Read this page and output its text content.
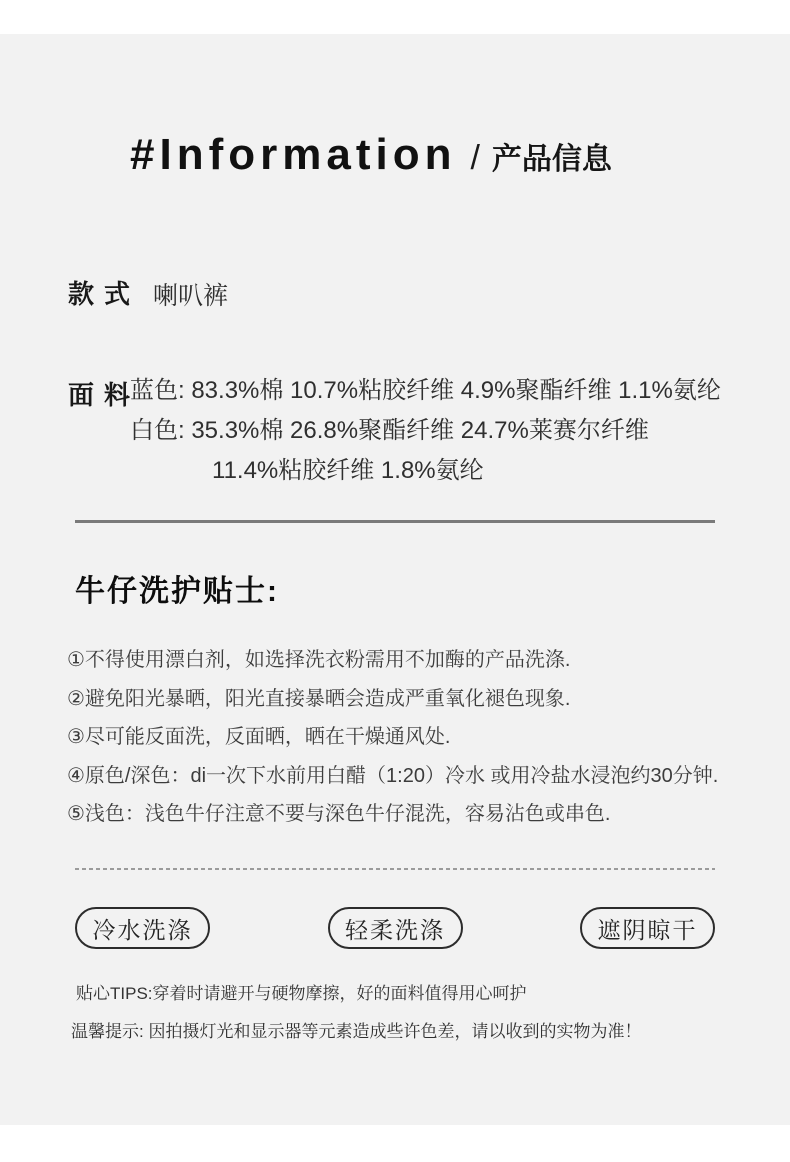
#Information / 产品信息
款式 喇叭裤
面料
蓝色: 83.3%棉 10.7%粘胶纤维 4.9%聚酯纤维 1.1%氨纶
白色: 35.3%棉 26.8%聚酯纤维 24.7%莱赛尔纤维
11.4%粘胶纤维 1.8%氨纶
牛仔洗护贴士:
①不得使用漂白剂，如选择洗衣粉需用不加酶的产品洗涤.
②避免阳光暴晒，阳光直接暴晒会造成严重氧化褪色现象.
③尽可能反面洗，反面晒，晒在干燥通风处.
④原色/深色：di一次下水前用白醋（1:20）冷水 或用冷盐水浸泡约30分钟.
⑤浅色：浅色牛仔注意不要与深色牛仔混洗，容易沾色或串色.
冷水洗涤	轻柔洗涤	遮阴晾干
贴心TIPS:穿着时请避开与硬物摩擦，好的面料值得用心呵护
温馨提示: 因拍摄灯光和显示器等元素造成些许色差，请以收到的实物为准！
